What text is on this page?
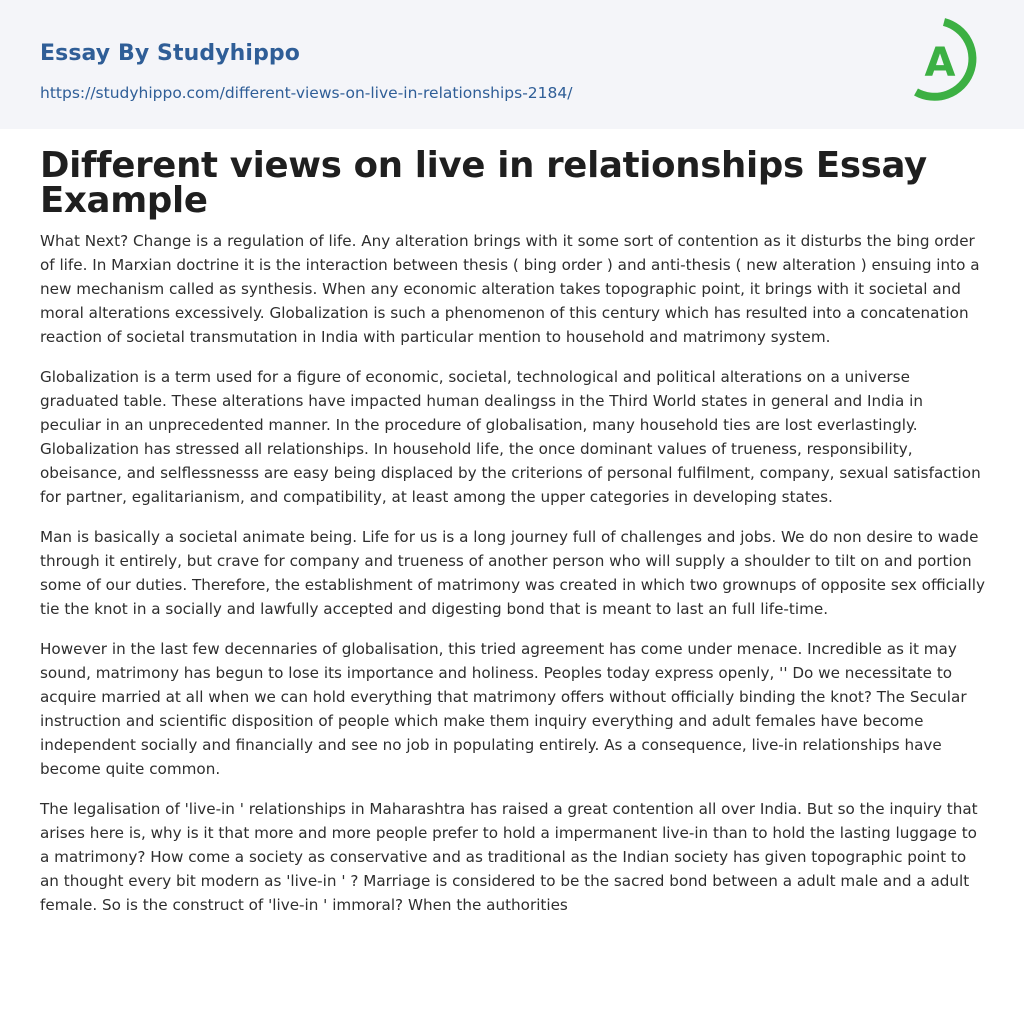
Essay By Studyhippo
https://studyhippo.com/different-views-on-live-in-relationships-2184/
A
Different views on live in relationships Essay Example

What Next? Change is a regulation of life. Any alteration brings with it some sort of contention as it disturbs the bing order of life. In Marxian doctrine it is the interaction between thesis ( bing order ) and anti-thesis ( new alteration ) ensuing into a new mechanism called as synthesis. When any economic alteration takes topographic point, it brings with it societal and moral alterations excessively. Globalization is such a phenomenon of this century which has resulted into a concatenation reaction of societal transmutation in India with particular mention to household and matrimony system.

Globalization is a term used for a figure of economic, societal, technological and political alterations on a universe graduated table. These alterations have impacted human dealingss in the Third World states in general and India in peculiar in an unprecedented manner. In the procedure of globalisation, many household ties are lost everlastingly. Globalization has stressed all relationships. In household life, the once dominant values of trueness, responsibility, obeisance, and selflessnesss are easy being displaced by the criterions of personal fulfilment, company, sexual satisfaction for partner, egalitarianism, and compatibility, at least among the upper categories in developing states.

Man is basically a societal animate being. Life for us is a long journey full of challenges and jobs. We do non desire to wade through it entirely, but crave for company and trueness of another person who will supply a shoulder to tilt on and portion some of our duties. Therefore, the establishment of matrimony was created in which two grownups of opposite sex officially tie the knot in a socially and lawfully accepted and digesting bond that is meant to last an full life-time.

However in the last few decennaries of globalisation, this tried agreement has come under menace. Incredible as it may sound, matrimony has begun to lose its importance and holiness. Peoples today express openly, '' Do we necessitate to acquire married at all when we can hold everything that matrimony offers without officially binding the knot? The Secular instruction and scientific disposition of people which make them inquiry everything and adult females have become independent socially and financially and see no job in populating entirely. As a consequence, live-in relationships have become quite common.

The legalisation of 'live-in ' relationships in Maharashtra has raised a great contention all over India. But so the inquiry that arises here is, why is it that more and more people prefer to hold a impermanent live-in than to hold the lasting luggage to a matrimony? How come a society as conservative and as traditional as the Indian society has given topographic point to an thought every bit modern as 'live-in ' ? Marriage is considered to be the sacred bond between a adult male and a adult female. So is the construct of 'live-in ' immoral? When the authorities
